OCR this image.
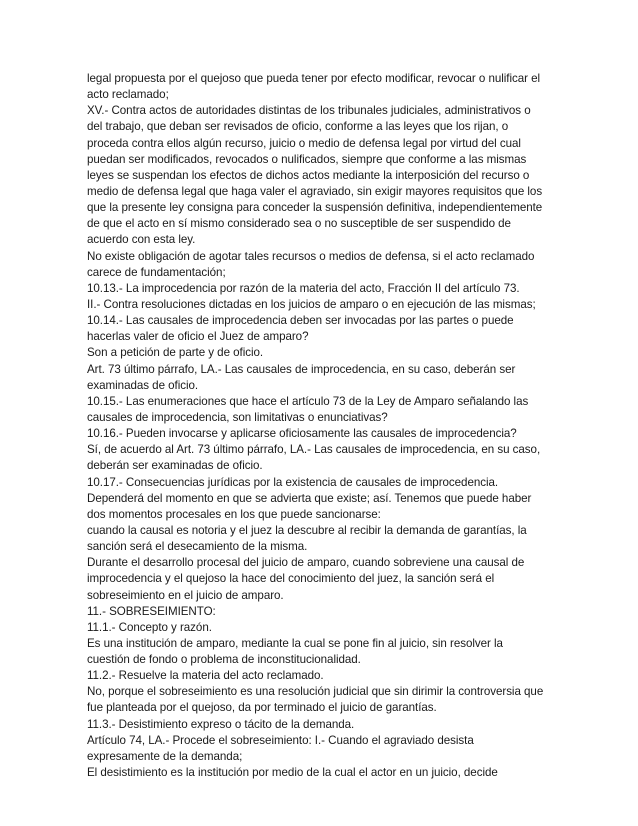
legal propuesta por el quejoso que pueda tener por efecto modificar, revocar o nulificar el
acto reclamado;
XV.- Contra actos de autoridades distintas de los tribunales judiciales, administrativos o
del trabajo, que deban ser revisados de oficio, conforme a las leyes que los rijan, o
proceda contra ellos algún recurso, juicio o medio de defensa legal por virtud del cual
puedan ser modificados, revocados o nulificados, siempre que conforme a las mismas
leyes se suspendan los efectos de dichos actos mediante la interposición del recurso o
medio de defensa legal que haga valer el agraviado, sin exigir mayores requisitos que los
que la presente ley consigna para conceder la suspensión definitiva, independientemente
de que el acto en sí mismo considerado sea o no susceptible de ser suspendido de
acuerdo con esta ley.
No existe obligación de agotar tales recursos o medios de defensa, si el acto reclamado
carece de fundamentación;
10.13.- La improcedencia por razón de la materia del acto, Fracción II del artículo 73.
II.- Contra resoluciones dictadas en los juicios de amparo o en ejecución de las mismas;
10.14.- Las causales de improcedencia deben ser invocadas por las partes o puede
hacerlas valer de oficio el Juez de amparo?
Son a petición de parte y de oficio.
Art. 73 último párrafo, LA.- Las causales de improcedencia, en su caso, deberán ser
examinadas de oficio.
10.15.- Las enumeraciones que hace el artículo 73 de la Ley de Amparo señalando las
causales de improcedencia, son limitativas o enunciativas?
10.16.- Pueden invocarse y aplicarse oficiosamente las causales de improcedencia?
Sí, de acuerdo al Art. 73 último párrafo, LA.- Las causales de improcedencia, en su caso,
deberán ser examinadas de oficio.
10.17.- Consecuencias jurídicas por la existencia de causales de improcedencia.
Dependerá del momento en que se advierta que existe; así. Tenemos que puede haber
dos momentos procesales en los que puede sancionarse:
cuando la causal es notoria y el juez la descubre al recibir la demanda de garantías, la
sanción será el desecamiento de la misma.
Durante el desarrollo procesal del juicio de amparo, cuando sobreviene una causal de
improcedencia y el quejoso la hace del conocimiento del juez, la sanción será el
sobreseimiento en el juicio de amparo.
11.- SOBRESEIMIENTO:
11.1.- Concepto y razón.
Es una institución de amparo, mediante la cual se pone fin al juicio, sin resolver la
cuestión de fondo o problema de inconstitucionalidad.
11.2.- Resuelve la materia del acto reclamado.
No, porque el sobreseimiento es una resolución judicial que sin dirimir la controversia que
fue planteada por el quejoso, da por terminado el juicio de garantías.
11.3.- Desistimiento expreso o tácito de la demanda.
Artículo 74, LA.- Procede el sobreseimiento: I.- Cuando el agraviado desista
expresamente de la demanda;
El desistimiento es la institución por medio de la cual el actor en un juicio, decide
